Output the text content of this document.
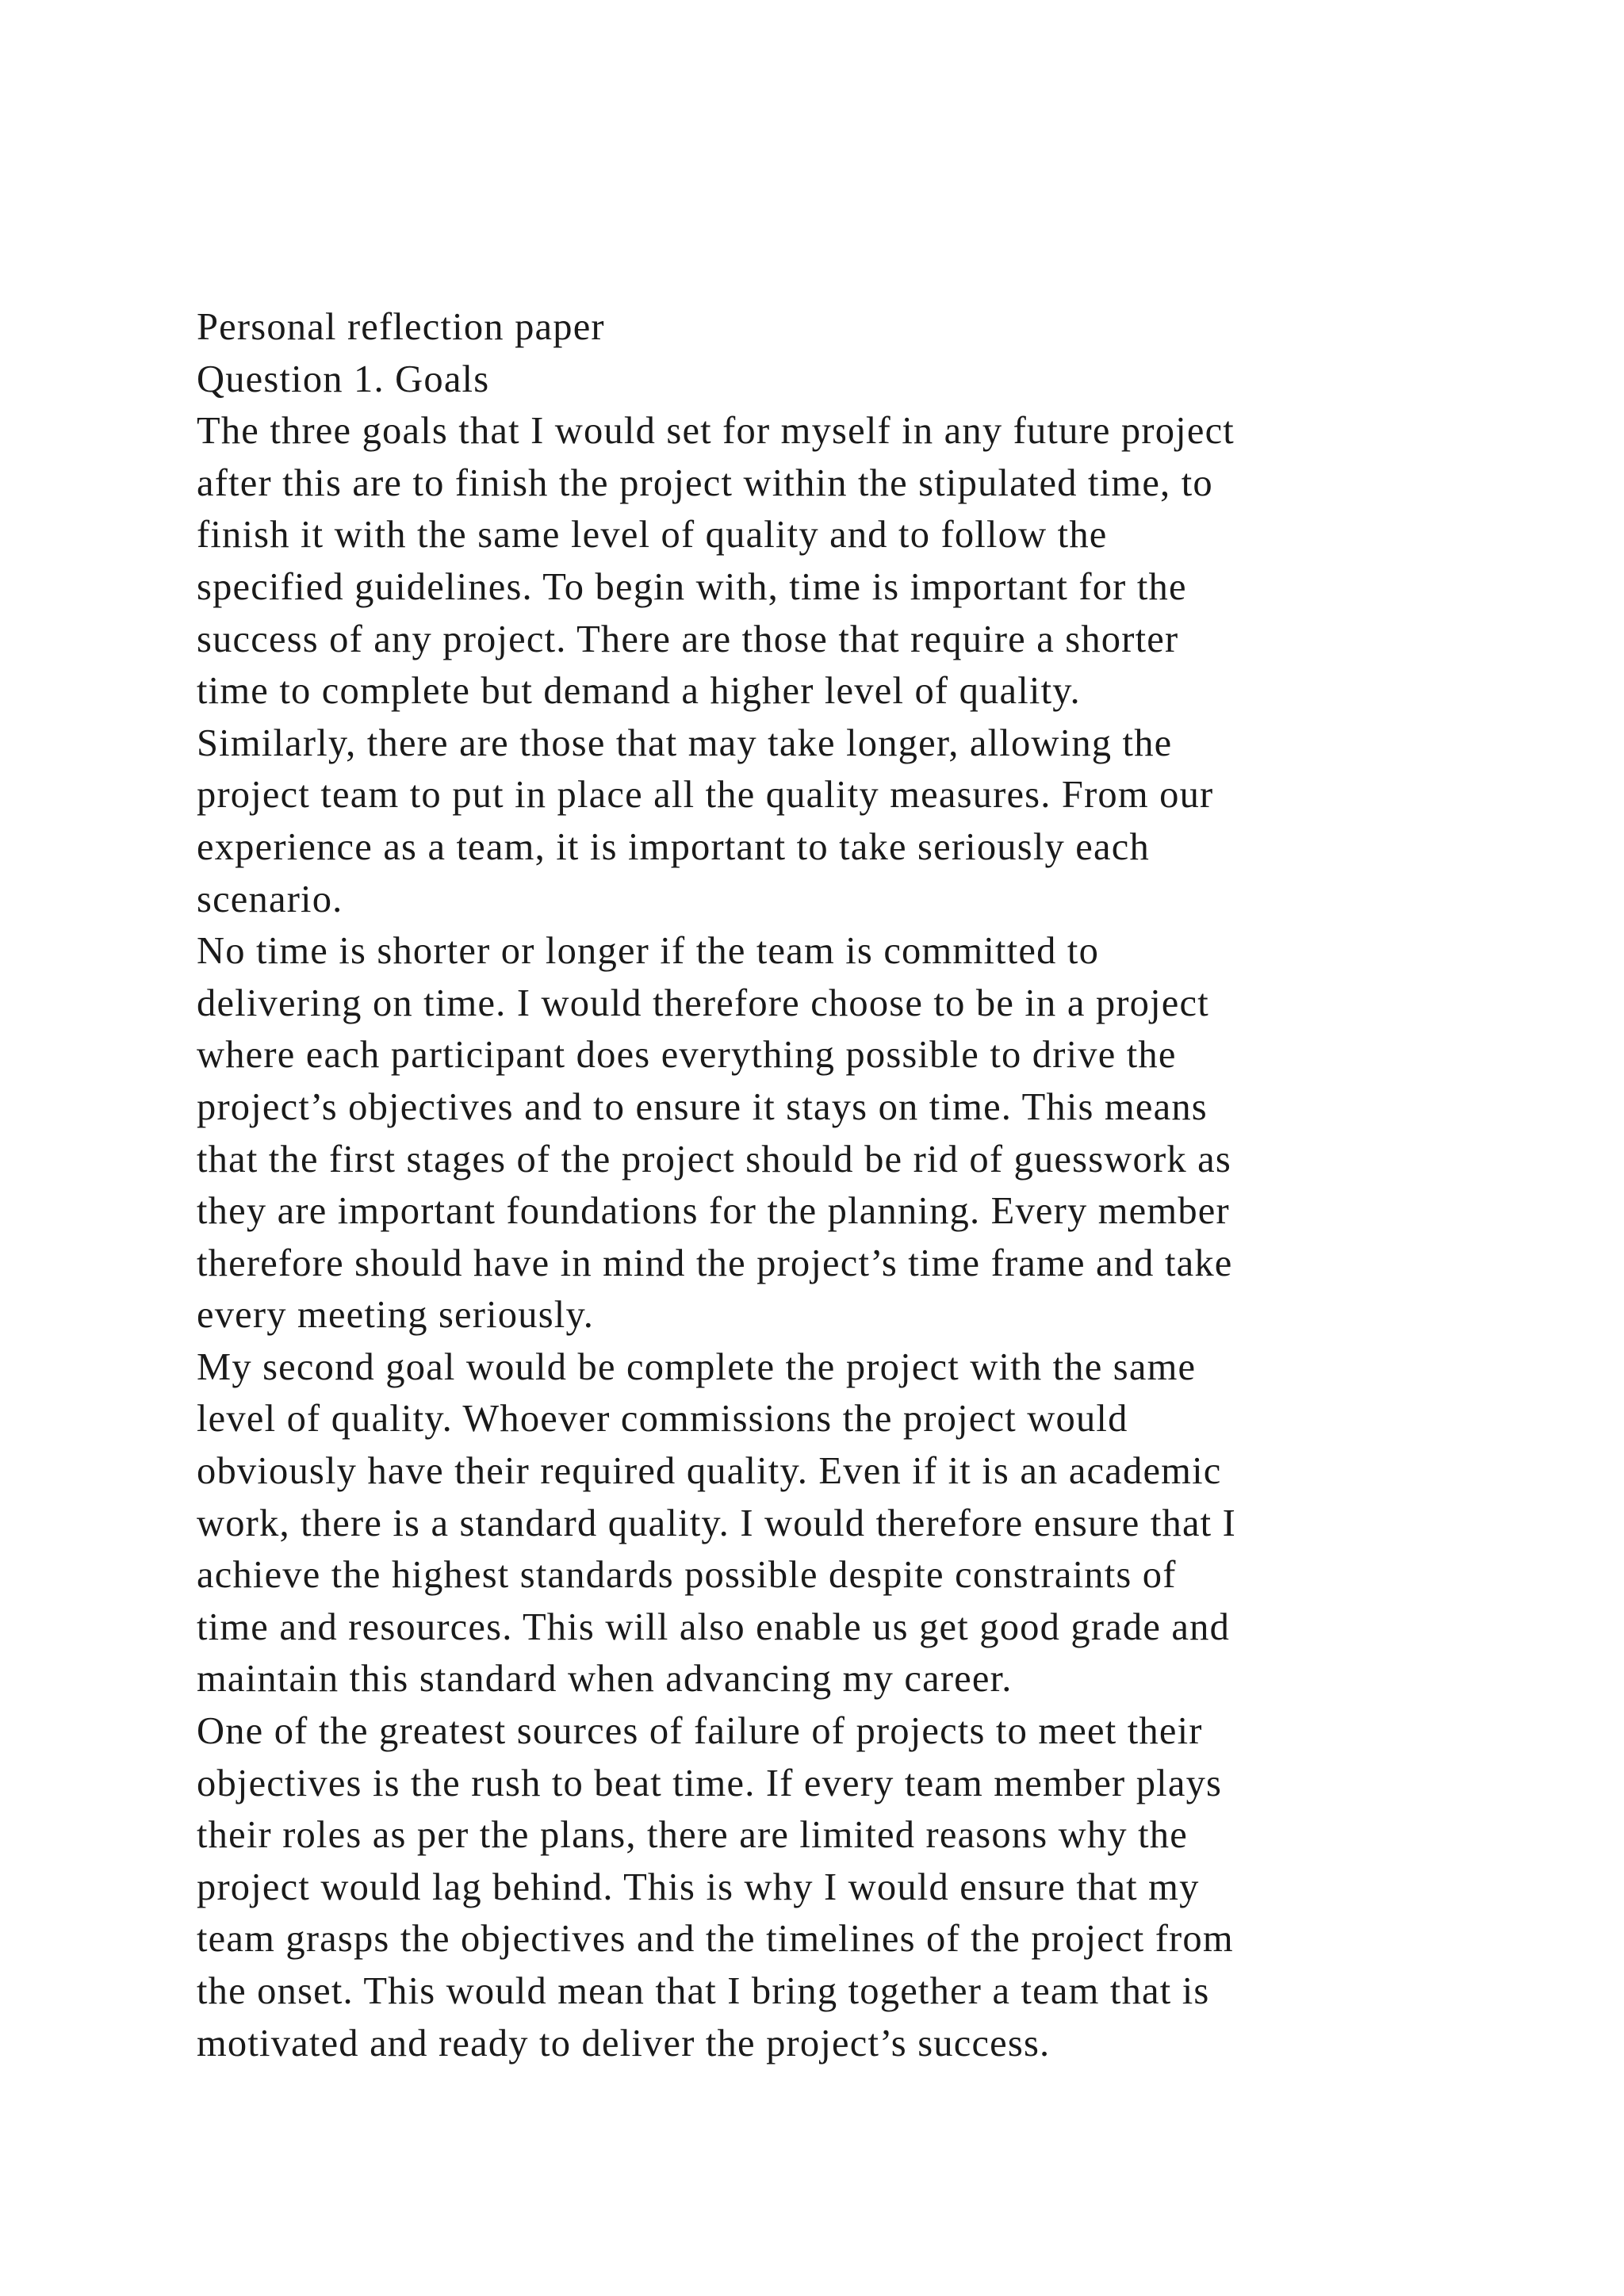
Personal reflection paper
Question 1. Goals
The three goals that I would set for myself in any future project
after this are to finish the project within the stipulated time, to
finish it with the same level of quality and to follow the
specified guidelines. To begin with, time is important for the
success of any project. There are those that require a shorter
time to complete but demand a higher level of quality.
Similarly, there are those that may take longer, allowing the
project team to put in place all the quality measures. From our
experience as a team, it is important to take seriously each
scenario.
No time is shorter or longer if the team is committed to
delivering on time. I would therefore choose to be in a project
where each participant does everything possible to drive the
project’s objectives and to ensure it stays on time. This means
that the first stages of the project should be rid of guesswork as
they are important foundations for the planning. Every member
therefore should have in mind the project’s time frame and take
every meeting seriously.
My second goal would be complete the project with the same
level of quality. Whoever commissions the project would
obviously have their required quality. Even if it is an academic
work, there is a standard quality. I would therefore ensure that I
achieve the highest standards possible despite constraints of
time and resources. This will also enable us get good grade and
maintain this standard when advancing my career.
One of the greatest sources of failure of projects to meet their
objectives is the rush to beat time. If every team member plays
their roles as per the plans, there are limited reasons why the
project would lag behind. This is why I would ensure that my
team grasps the objectives and the timelines of the project from
the onset. This would mean that I bring together a team that is
motivated and ready to deliver the project’s success.
